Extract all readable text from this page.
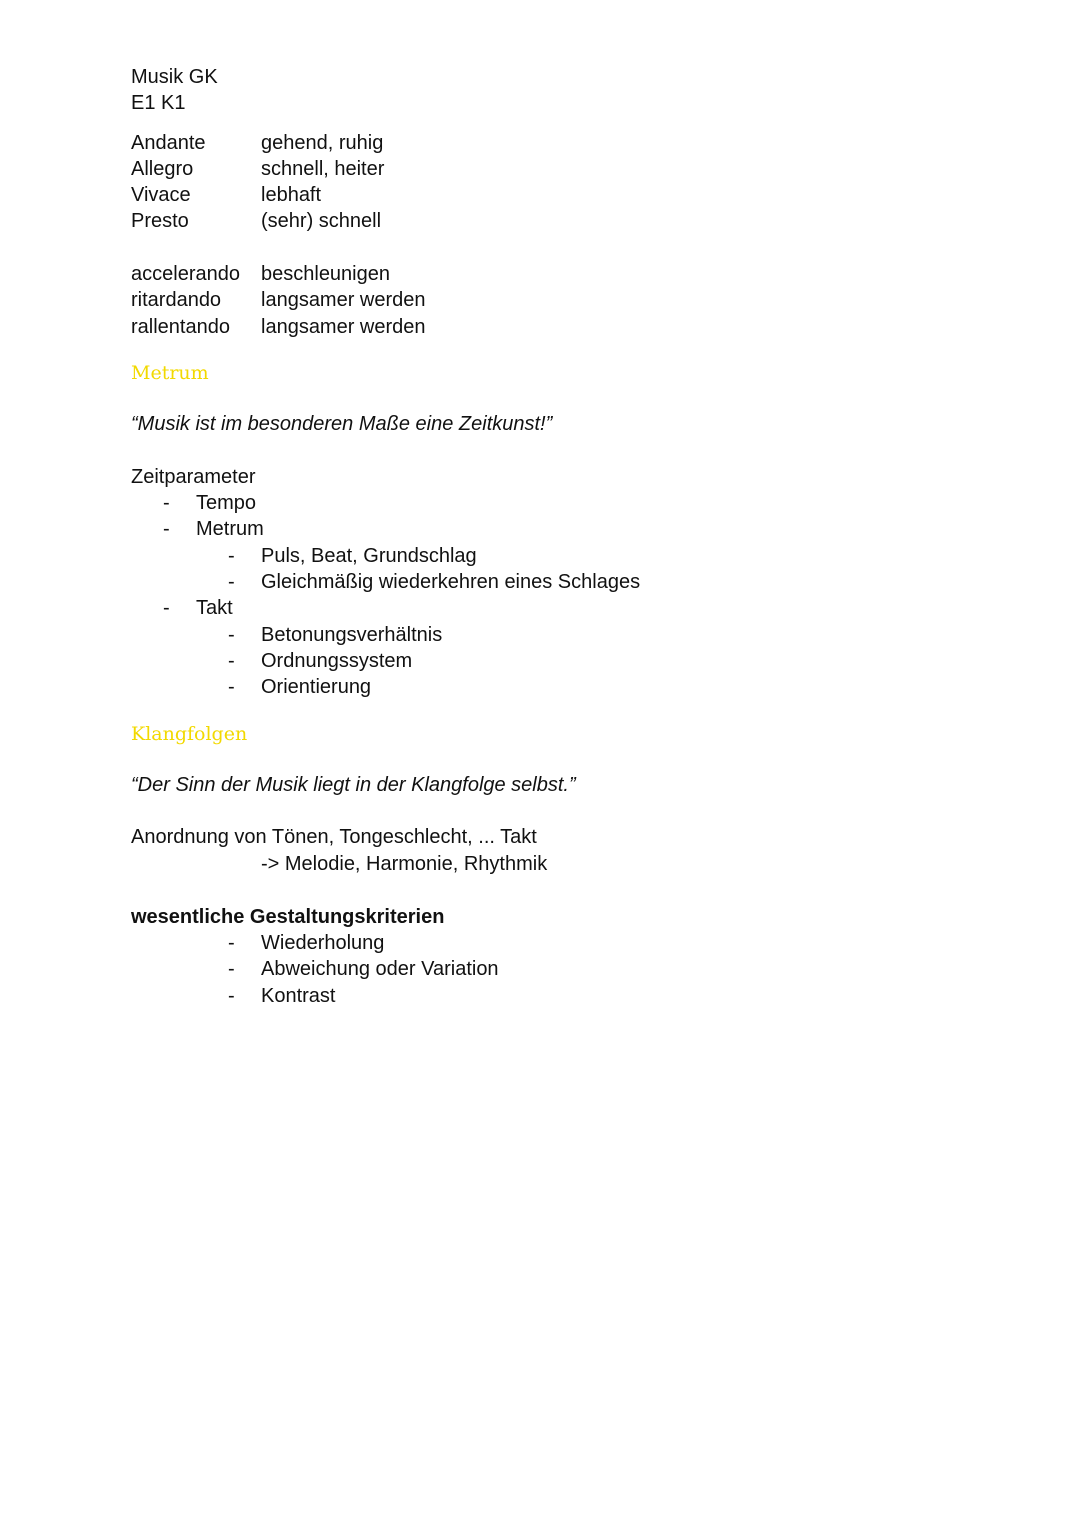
Musik GK
E1 K1
Andante	gehend, ruhig
Allegro	schnell, heiter
Vivace	lebhaft
Presto	(sehr) schnell
accelerando beschleunigen
ritardando langsamer werden
rallentando langsamer werden
Metrum
“Musik ist im besonderen Maße eine Zeitkunst!”
Zeitparameter
- Tempo
- Metrum
- Puls, Beat, Grundschlag
- Gleichmäßig wiederkehren eines Schlages
- Takt
- Betonungsverhältnis
- Ordnungssystem
- Orientierung
Klangfolgen
“Der Sinn der Musik liegt in der Klangfolge selbst.”
Anordnung von Tönen, Tongeschlecht, ... Takt
-> Melodie, Harmonie, Rhythmik
wesentliche Gestaltungskriterien
- Wiederholung
- Abweichung oder Variation
- Kontrast
